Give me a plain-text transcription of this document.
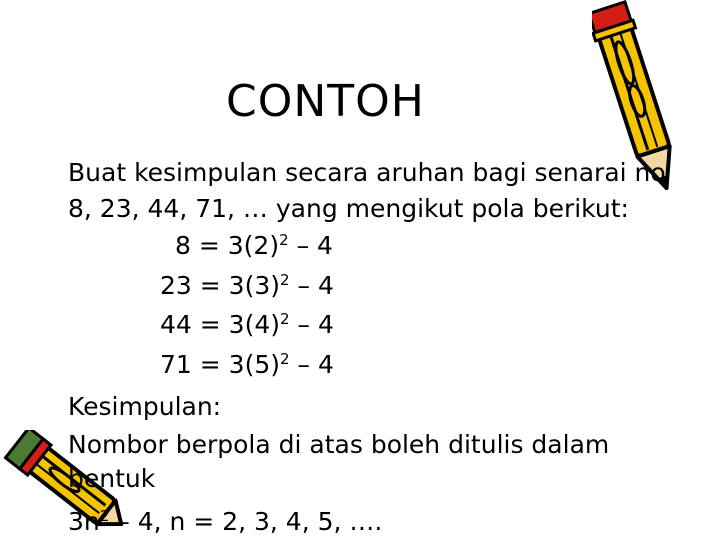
CONTOH
Buat kesimpulan secara aruhan bagi senarai no
8, 23, 44, 71, … yang mengikut pola berikut:
$8 = 3(2)^2 - 4$
$23 = 3(3)^2 - 4$
$44 = 3(4)^2 - 4$
$71 = 3(5)^2 - 4$
Kesimpulan:
Nombor berpola di atas boleh ditulis dalam
bentuk
$3n^2 - 4$, n = 2, 3, 4, 5, ….
